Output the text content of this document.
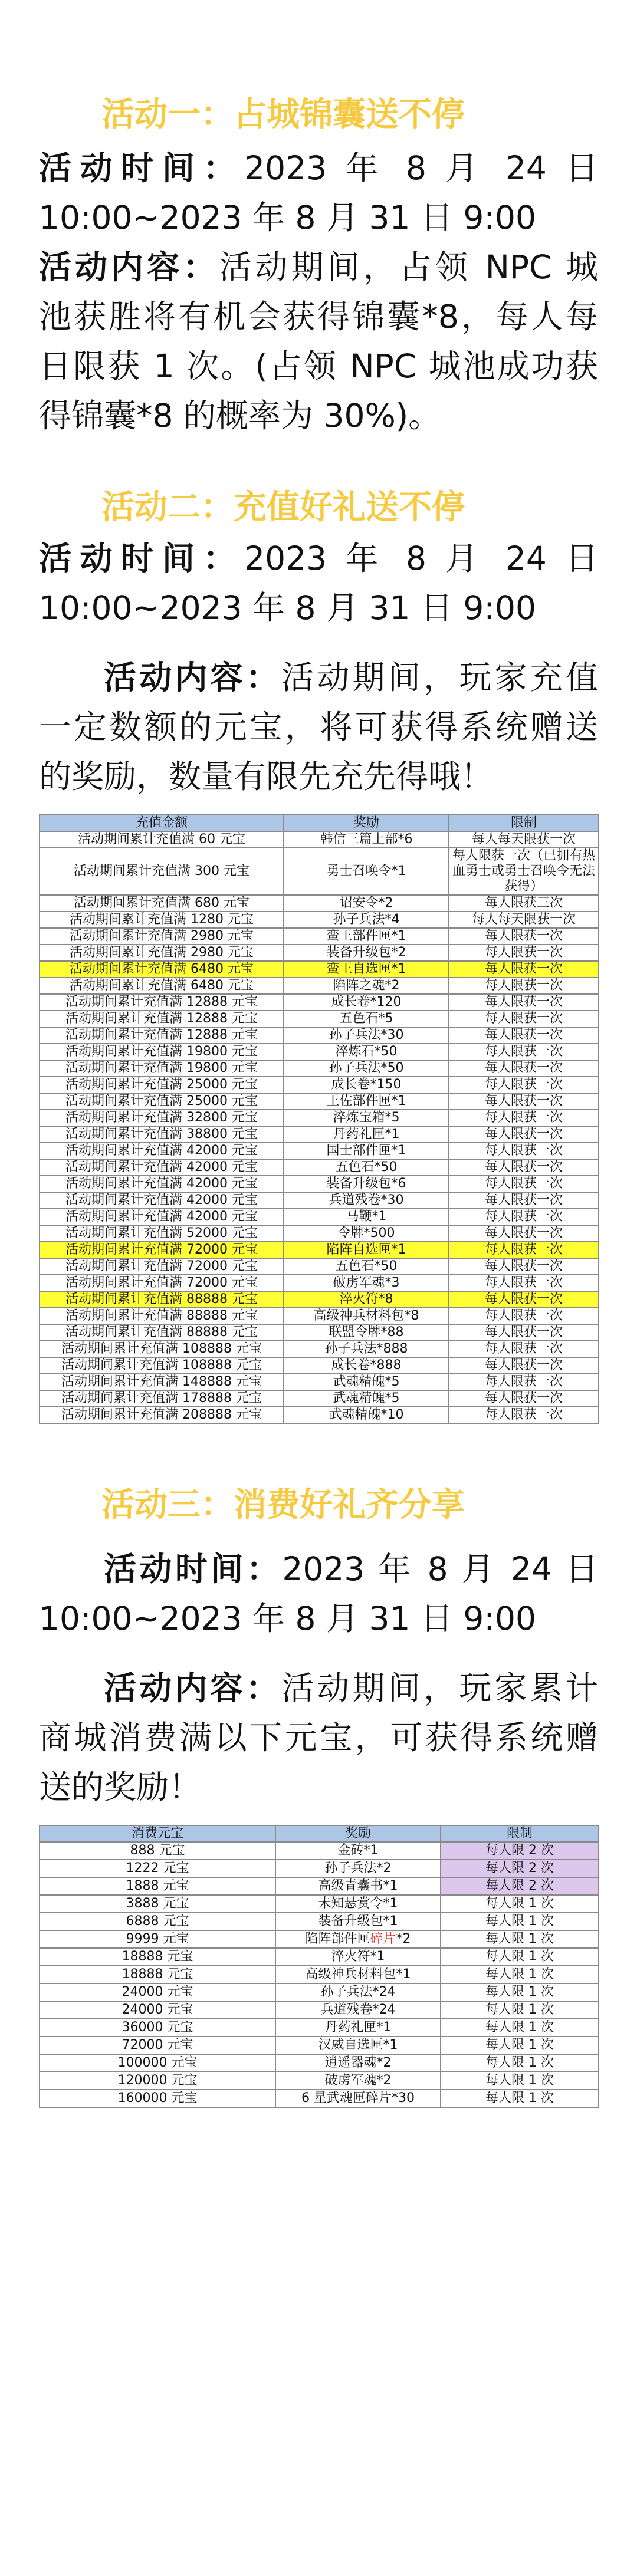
活动一：占城锦囊送不停
活动时间：2023 年 8 月 24 日
10:00~2023 年 8 月 31 日 9:00
活动内容：活动期间，占领 NPC 城
池获胜将有机会获得锦囊*8，每人每
日限获 1 次。(占领 NPC 城池成功获
得锦囊*8 的概率为 30%)。
活动二：充值好礼送不停
活动时间：2023 年 8 月 24 日
10:00~2023 年 8 月 31 日 9:00
活动内容：活动期间，玩家充值
一定数额的元宝，将可获得系统赠送
的奖励，数量有限先充先得哦！
充值金额	奖励	限制
活动期间累计充值满 60 元宝	韩信三篇上部*6	每人每天限获一次
活动期间累计充值满 300 元宝	勇士召唤令*1	每人限获一次（已拥有热血勇士或勇士召唤令无法获得）
活动期间累计充值满 680 元宝	诏安令*2	每人限获三次
活动期间累计充值满 1280 元宝	孙子兵法*4	每人每天限获一次
活动期间累计充值满 2980 元宝	蛮王部件匣*1	每人限获一次
活动期间累计充值满 2980 元宝	装备升级包*2	每人限获一次
活动期间累计充值满 6480 元宝	蛮王自选匣*1	每人限获一次
活动期间累计充值满 6480 元宝	陷阵之魂*2	每人限获一次
活动期间累计充值满 12888 元宝	成长卷*120	每人限获一次
活动期间累计充值满 12888 元宝	五色石*5	每人限获一次
活动期间累计充值满 12888 元宝	孙子兵法*30	每人限获一次
活动期间累计充值满 19800 元宝	淬炼石*50	每人限获一次
活动期间累计充值满 19800 元宝	孙子兵法*50	每人限获一次
活动期间累计充值满 25000 元宝	成长卷*150	每人限获一次
活动期间累计充值满 25000 元宝	王佐部件匣*1	每人限获一次
活动期间累计充值满 32800 元宝	淬炼宝箱*5	每人限获一次
活动期间累计充值满 38800 元宝	丹药礼匣*1	每人限获一次
活动期间累计充值满 42000 元宝	国士部件匣*1	每人限获一次
活动期间累计充值满 42000 元宝	五色石*50	每人限获一次
活动期间累计充值满 42000 元宝	装备升级包*6	每人限获一次
活动期间累计充值满 42000 元宝	兵道残卷*30	每人限获一次
活动期间累计充值满 42000 元宝	马鞭*1	每人限获一次
活动期间累计充值满 52000 元宝	令牌*500	每人限获一次
活动期间累计充值满 72000 元宝	陷阵自选匣*1	每人限获一次
活动期间累计充值满 72000 元宝	五色石*50	每人限获一次
活动期间累计充值满 72000 元宝	破虏军魂*3	每人限获一次
活动期间累计充值满 88888 元宝	淬火符*8	每人限获一次
活动期间累计充值满 88888 元宝	高级神兵材料包*8	每人限获一次
活动期间累计充值满 88888 元宝	联盟令牌*88	每人限获一次
活动期间累计充值满 108888 元宝	孙子兵法*888	每人限获一次
活动期间累计充值满 108888 元宝	成长卷*888	每人限获一次
活动期间累计充值满 148888 元宝	武魂精魄*5	每人限获一次
活动期间累计充值满 178888 元宝	武魂精魄*5	每人限获一次
活动期间累计充值满 208888 元宝	武魂精魄*10	每人限获一次
活动三：消费好礼齐分享
活动时间：2023 年 8 月 24 日
10:00~2023 年 8 月 31 日 9:00
活动内容：活动期间，玩家累计
商城消费满以下元宝，可获得系统赠
送的奖励！
消费元宝	奖励	限制
888 元宝	金砖*1	每人限 2 次
1222 元宝	孙子兵法*2	每人限 2 次
1888 元宝	高级青囊书*1	每人限 2 次
3888 元宝	未知悬赏令*1	每人限 1 次
6888 元宝	装备升级包*1	每人限 1 次
9999 元宝	陷阵部件匣碎片*2	每人限 1 次
18888 元宝	淬火符*1	每人限 1 次
18888 元宝	高级神兵材料包*1	每人限 1 次
24000 元宝	孙子兵法*24	每人限 1 次
24000 元宝	兵道残卷*24	每人限 1 次
36000 元宝	丹药礼匣*1	每人限 1 次
72000 元宝	汉威自选匣*1	每人限 1 次
100000 元宝	逍遥器魂*2	每人限 1 次
120000 元宝	破虏军魂*2	每人限 1 次
160000 元宝	6 星武魂匣碎片*30	每人限 1 次
